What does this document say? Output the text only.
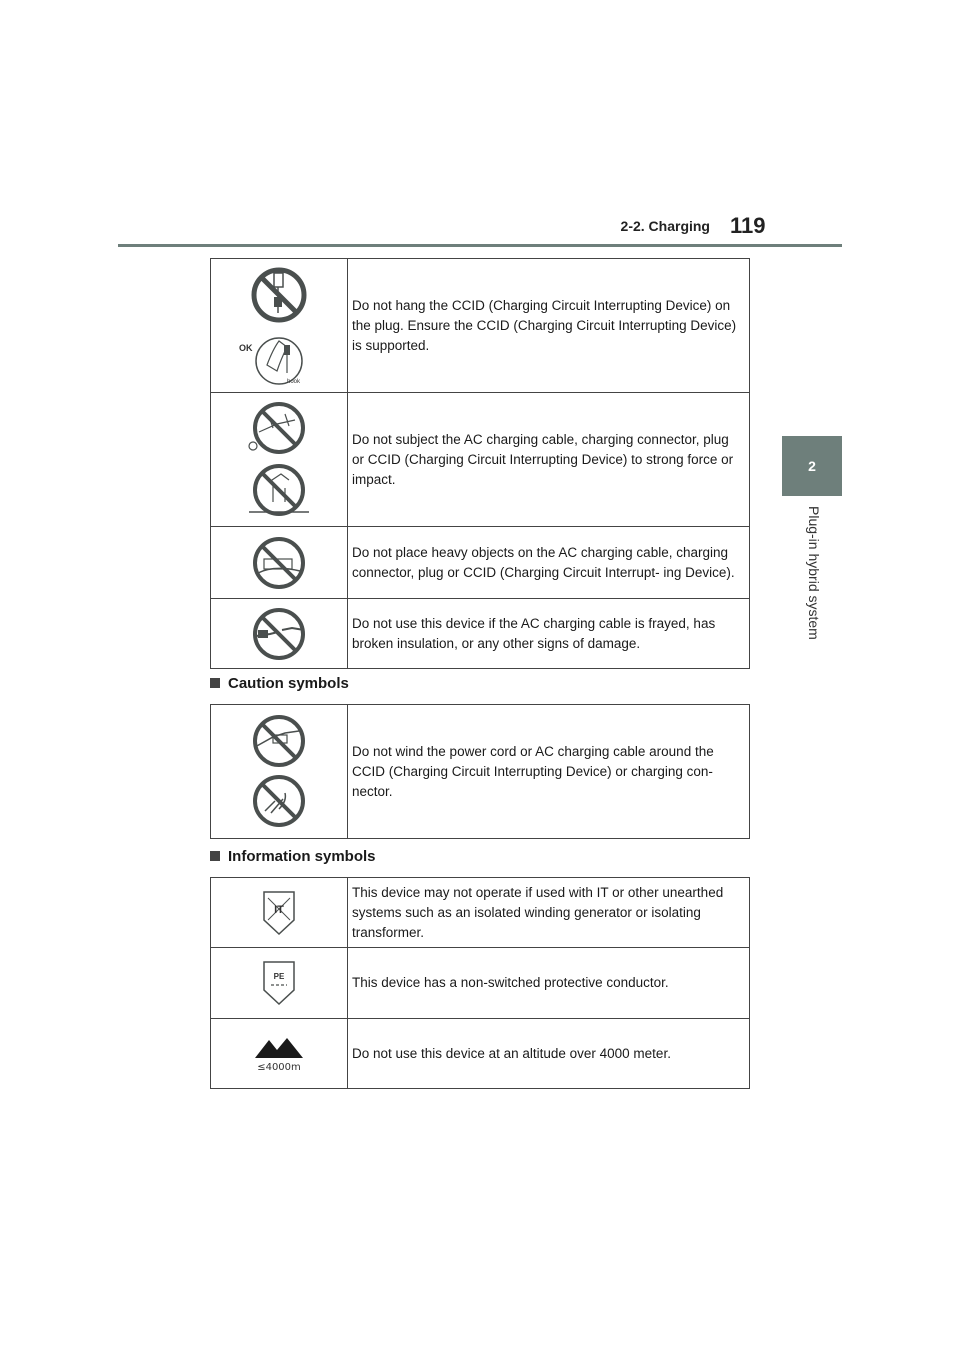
2-2. Charging 119
2
Plug-in hybrid system
OK
hook	Do not hang the CCID (Charging Circuit Interrupting Device) on the plug. Ensure the CCID (Charging Circuit Interrupting Device) is supported.

	Do not subject the AC charging cable, charging connector, plug or CCID (Charging Circuit Interrupting Device) to strong force or impact.

	Do not place heavy objects on the AC charging cable, charging connector, plug or CCID (Charging Circuit Interrupt- ing Device).

	Do not use this device if the AC charging cable is frayed, has broken insulation, or any other signs of damage.
Caution symbols
	Do not wind the power cord or AC charging cable around the CCID (Charging Circuit Interrupting Device) or charging con- nector.
Information symbols
IT	This device may not operate if used with IT or other unearthed systems such as an isolated winding generator or isolating transformer.

PE	This device has a non-switched protective conductor.

≤4000m	Do not use this device at an altitude over 4000 meter.
